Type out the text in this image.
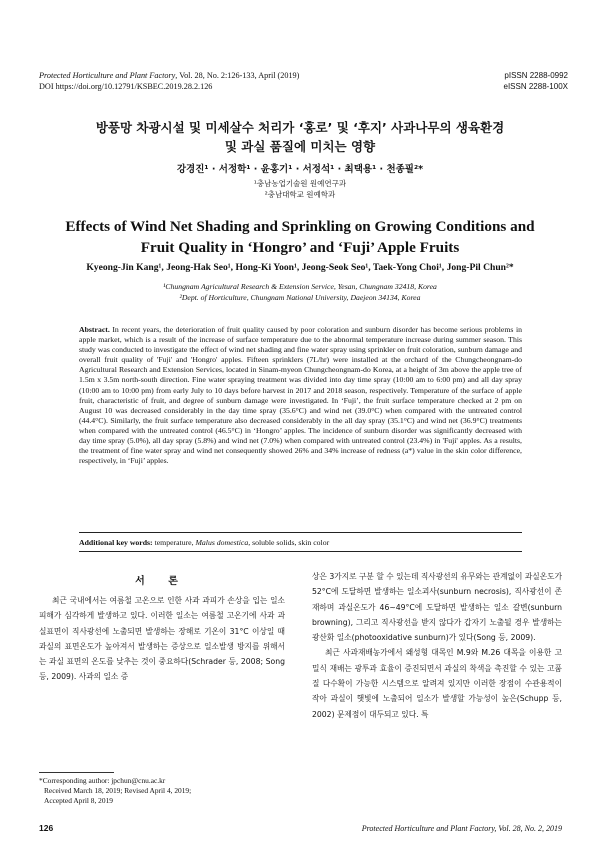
Protected Horticulture and Plant Factory, Vol. 28, No. 2:126-133, April (2019)
DOI https://doi.org/10.12791/KSBEC.2019.28.2.126
pISSN 2288-0992
eISSN 2288-100X
방풍망 차광시설 및 미세살수 처리가 ‘홍로’ 및 ‘후지’ 사과나무의 생육환경
및 과실 품질에 미치는 영향
강경진¹ · 서정학¹ · 윤홍기¹ · 서정석¹ · 최택용¹ · 천종필²*
¹충남농업기술원 원예연구과
²충남대학교 원예학과
Effects of Wind Net Shading and Sprinkling on Growing Conditions and
Fruit Quality in ‘Hongro’ and ‘Fuji’ Apple Fruits
Kyeong-Jin Kang¹, Jeong-Hak Seo¹, Hong-Ki Yoon¹, Jeong-Seok Seo¹, Taek-Yong Choi¹, Jong-Pil Chun²*
¹Chungnam Agricultural Research & Extension Service, Yesan, Chungnam 32418, Korea
²Dept. of Horticulture, Chungnam National University, Daejeon 34134, Korea
Abstract. In recent years, the deterioration of fruit quality caused by poor coloration and sunburn disorder has become serious problems in apple market, which is a result of the increase of surface temperature due to the abnormal temperature increase during summer season. This study was conducted to investigate the effect of wind net shading and fine water spray using sprinkler on fruit coloration, sunburn damage and overall fruit quality of 'Fuji' and 'Hongro' apples. Fifteen sprinklers (7L/hr) were installed at the orchard of the Chungcheongnam-do Agricultural Research and Extension Services, located in Sinam-myeon Chungcheongnam-do Korea, at a height of 3m above the apple tree of 1.5m x 3.5m north-south direction. Fine water spraying treatment was divided into day time spray (10:00 am to 6:00 pm) and all day spray (10:00 am to 10:00 pm) from early July to 10 days before harvest in 2017 and 2018 season, respectively. Temperature of the surface of apple fruit, characteristic of fruit, and degree of sunburn damage were investigated. In ‘Fuji’, the fruit surface temperature checked at 2 pm on August 10 was decreased considerably in the day time spray (35.6°C) and wind net (39.0°C) when compared with the untreated control (44.4°C). Similarly, the fruit surface temperature also decreased considerably in the all day spray (35.1°C) and wind net (36.9°C) treatments when compared with the untreated control (46.5°C) in ‘Hongro’ apples. The incidence of sunburn disorder was significantly decreased with day time spray (5.0%), all day spray (5.8%) and wind net (7.0%) when compared with untreated control (23.4%) in 'Fuji' apples. As a results, the treatment of fine water spray and wind net consequently showed 26% and 34% increase of redness (a*) value in the skin color difference, respectively, in ‘Fuji’ apples.
Additional key words: temperature, Malus domestica, soluble solids, skin color
서 론
최근 국내에서는 여름철 고온으로 인한 사과 과피가 손상을 입는 일소피해가 심각하게 발생하고 있다. 이러한 일소는 여름철 고온기에 사과 과실표면이 직사광선에 노출되면 발생하는 장해로 기온이 31°C 이상일 때 과실의 표면온도가 높아져서 발생하는 증상으로 일소발생 방지를 위해서는 과실 표면의 온도를 낮추는 것이 중요하다(Schrader 등, 2008; Song 등, 2009). 사과의 일소 증
상은 3가지로 구분 할 수 있는데 직사광선의 유무와는 관계없이 과실온도가 52°C에 도달하면 발생하는 일소괴사(sunburn necrosis), 직사광선이 존재하며 과실온도가 46~49°C에 도달하면 발생하는 일소 갈변(sunburn browning), 그리고 직사광선을 받지 않다가 갑자기 노출될 경우 발생하는 광산화 일소(photooxidative sunburn)가 있다(Song 등, 2009).
최근 사과재배농가에서 왜성형 대목인 M.9와 M.26 대목을 이용한 고밀식 재배는 광투과 효율이 증진되면서 과실의 착색을 촉진할 수 있는 고품질 다수확이 가능한 시스템으로 알려져 있지만 이러한 장점이 수관용적이 작아 과실이 햇빛에 노출되어 일소가 발생할 가능성이 높은(Schupp 등, 2002) 문제점이 대두되고 있다. 특
*Corresponding author: jpchun@cnu.ac.kr
Received March 18, 2019; Revised April 4, 2019;
Accepted April 8, 2019
126	Protected Horticulture and Plant Factory, Vol. 28, No. 2, 2019
